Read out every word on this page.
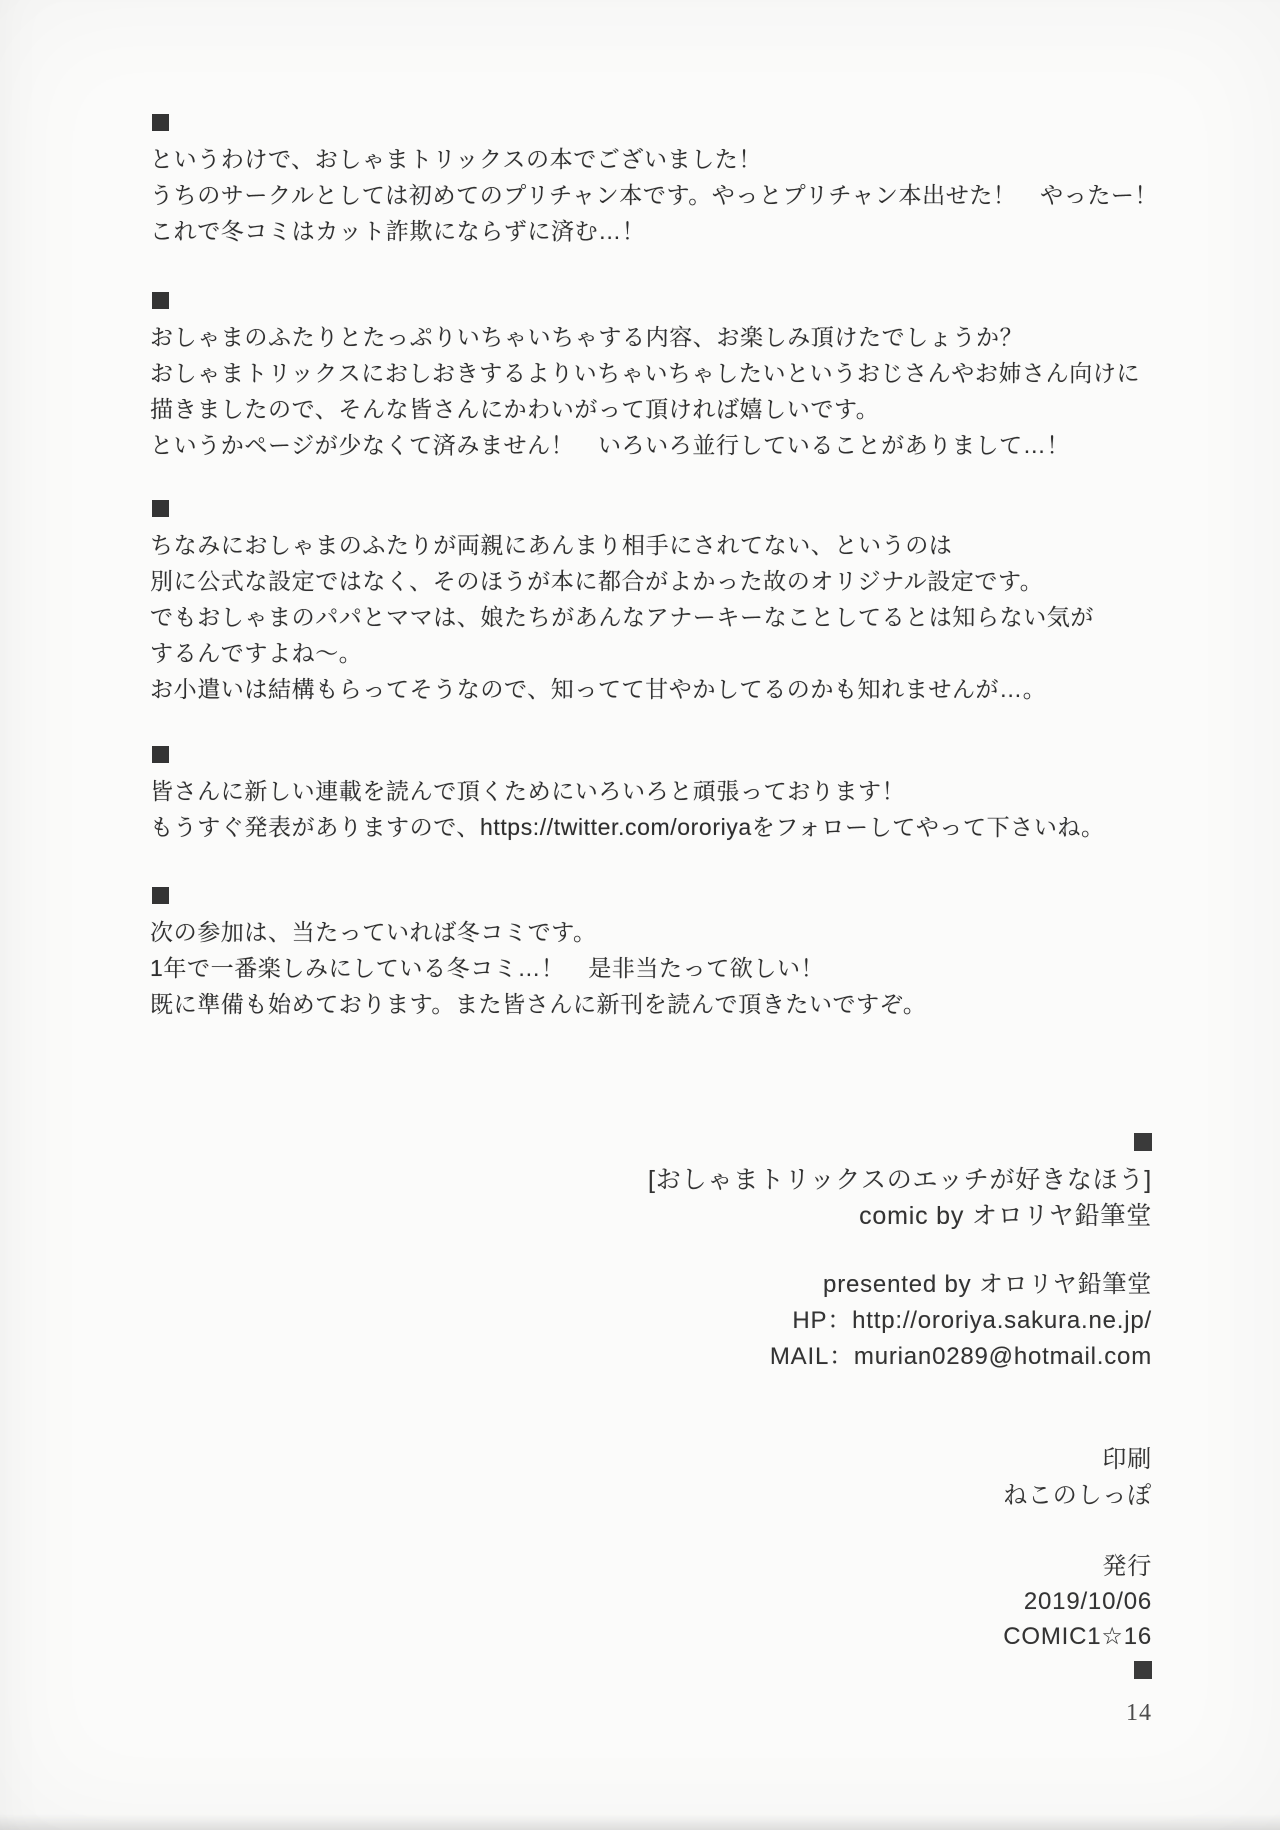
というわけで、おしゃまトリックスの本でございました！

うちのサークルとしては初めてのプリチャン本です。やっとプリチャン本出せた！　やったー！

これで冬コミはカット詐欺にならずに済む…！

おしゃまのふたりとたっぷりいちゃいちゃする内容、お楽しみ頂けたでしょうか？

おしゃまトリックスにおしおきするよりいちゃいちゃしたいというおじさんやお姉さん向けに

描きましたので、そんな皆さんにかわいがって頂ければ嬉しいです。

というかページが少なくて済みません！　いろいろ並行していることがありまして…！

ちなみにおしゃまのふたりが両親にあんまり相手にされてない、というのは

別に公式な設定ではなく、そのほうが本に都合がよかった故のオリジナル設定です。

でもおしゃまのパパとママは、娘たちがあんなアナーキーなことしてるとは知らない気が

するんですよね〜。

お小遣いは結構もらってそうなので、知ってて甘やかしてるのかも知れませんが…。

皆さんに新しい連載を読んで頂くためにいろいろと頑張っております！

もうすぐ発表がありますので、https://twitter.com/ororiyaをフォローしてやって下さいね。

次の参加は、当たっていれば冬コミです。

1年で一番楽しみにしている冬コミ…！　是非当たって欲しい！

既に準備も始めております。また皆さんに新刊を読んで頂きたいですぞ。

[おしゃまトリックスのエッチが好きなほう]

comic by オロリヤ鉛筆堂

presented by オロリヤ鉛筆堂

HP：http://ororiya.sakura.ne.jp/

MAIL：murian0289@hotmail.com

印刷

ねこのしっぽ

発行

2019/10/06

COMIC1☆16

14
